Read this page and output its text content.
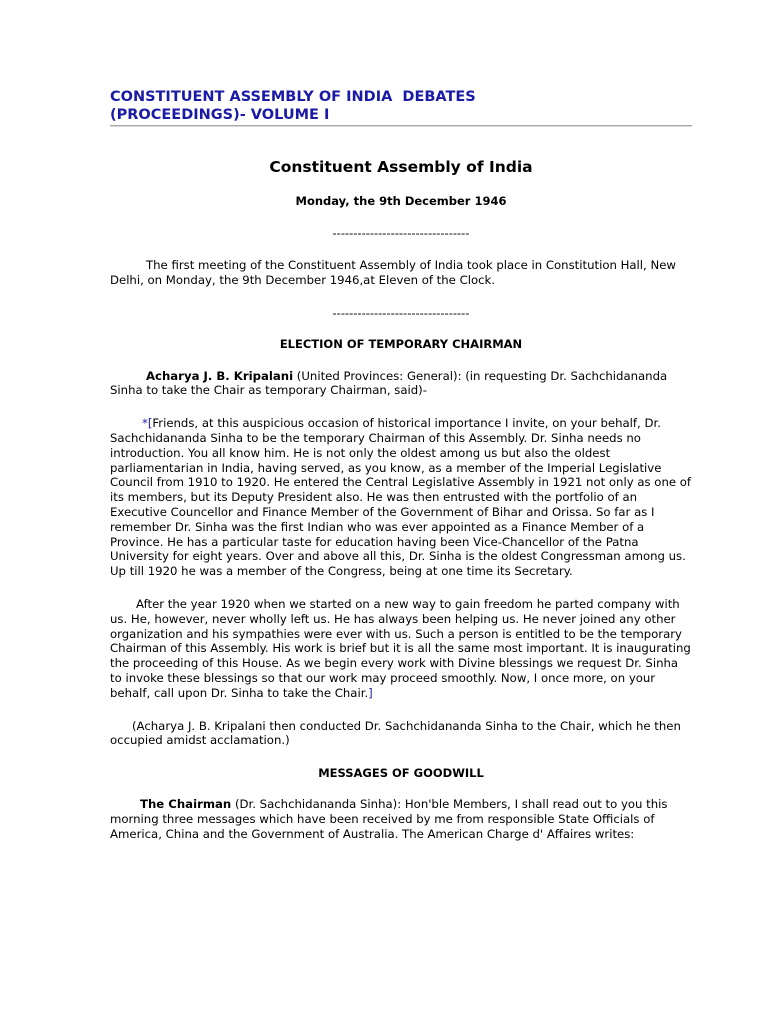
CONSTITUENT ASSEMBLY OF INDIA  DEBATES
(PROCEEDINGS)- VOLUME I
Constituent Assembly of India
Monday, the 9th December 1946
---------------------------------

The first meeting of the Constituent Assembly of India took place in Constitution Hall, New Delhi, on Monday, the 9th December 1946,at Eleven of the Clock.

---------------------------------
ELECTION OF TEMPORARY CHAIRMAN

Acharya J. B. Kripalani (United Provinces: General): (in requesting Dr. Sachchidananda Sinha to take the Chair as temporary Chairman, said)-

*[Friends, at this auspicious occasion of historical importance I invite, on your behalf, Dr. Sachchidananda Sinha to be the temporary Chairman of this Assembly. Dr. Sinha needs no introduction. You all know him. He is not only the oldest among us but also the oldest parliamentarian in India, having served, as you know, as a member of the Imperial Legislative Council from 1910 to 1920. He entered the Central Legislative Assembly in 1921 not only as one of its members, but its Deputy President also. He was then entrusted with the portfolio of an Executive Councellor and Finance Member of the Government of Bihar and Orissa. So far as I remember Dr. Sinha was the first Indian who was ever appointed as a Finance Member of a Province. He has a particular taste for education having been Vice-Chancellor of the Patna University for eight years. Over and above all this, Dr. Sinha is the oldest Congressman among us. Up till 1920 he was a member of the Congress, being at one time its Secretary.

After the year 1920 when we started on a new way to gain freedom he parted company with us. He, however, never wholly left us. He has always been helping us. He never joined any other organization and his sympathies were ever with us. Such a person is entitled to be the temporary Chairman of this Assembly. His work is brief but it is all the same most important. It is inaugurating the proceeding of this House. As we begin every work with Divine blessings we request Dr. Sinha to invoke these blessings so that our work may proceed smoothly. Now, I once more, on your behalf, call upon Dr. Sinha to take the Chair.]

(Acharya J. B. Kripalani then conducted Dr. Sachchidananda Sinha to the Chair, which he then occupied amidst acclamation.)

MESSAGES OF GOODWILL

The Chairman (Dr. Sachchidananda Sinha): Hon'ble Members, I shall read out to you this morning three messages which have been received by me from responsible State Officials of America, China and the Government of Australia. The American Charge d' Affaires writes:
